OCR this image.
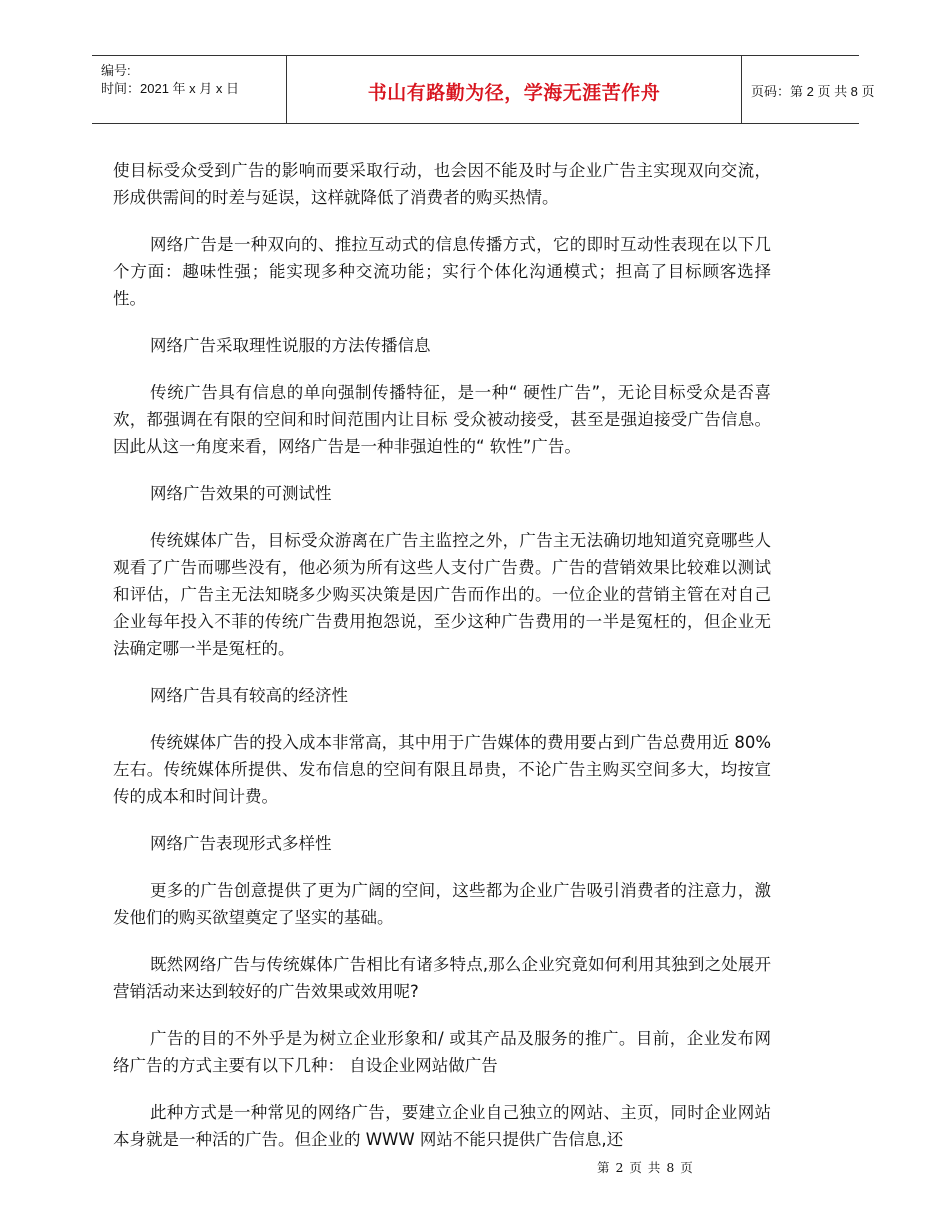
编号:
时间：2021 年 x 月 x 日	书山有路勤为径，学海无涯苦作舟	页码：第 2 页 共 8 页

使目标受众受到广告的影响而要采取行动，也会因不能及时与企业广告主实现双向交流，形成供需间的时差与延误，这样就降低了消费者的购买热情。

网络广告是一种双向的、推拉互动式的信息传播方式，它的即时互动性表现在以下几个方面：趣味性强；能实现多种交流功能；实行个体化沟通模式；担高了目标顾客选择性。

网络广告采取理性说服的方法传播信息

传统广告具有信息的单向强制传播特征，是一种“ 硬性广告”，无论目标受众是否喜欢，都强调在有限的空间和时间范围内让目标 受众被动接受，甚至是强迫接受广告信息。因此从这一角度来看，网络广告是一种非强迫性的“ 软性”广告。

网络广告效果的可测试性

传统媒体广告，目标受众游离在广告主监控之外，广告主无法确切地知道究竟哪些人观看了广告而哪些没有，他必须为所有这些人支付广告费。广告的营销效果比较难以测试和评估，广告主无法知晓多少购买决策是因广告而作出的。一位企业的营销主管在对自己企业每年投入不菲的传统广告费用抱怨说，至少这种广告费用的一半是冤枉的，但企业无法确定哪一半是冤枉的。

网络广告具有较高的经济性

传统媒体广告的投入成本非常高，其中用于广告媒体的费用要占到广告总费用近 80% 左右。传统媒体所提供、发布信息的空间有限且昂贵，不论广告主购买空间多大，均按宣传的成本和时间计费。

网络广告表现形式多样性

更多的广告创意提供了更为广阔的空间，这些都为企业广告吸引消费者的注意力，激发他们的购买欲望奠定了坚实的基础。

既然网络广告与传统媒体广告相比有诸多特点,那么企业究竟如何利用其独到之处展开营销活动来达到较好的广告效果或效用呢?

广告的目的不外乎是为树立企业形象和/ 或其产品及服务的推广。目前，企业发布网络广告的方式主要有以下几种： 自设企业网站做广告

此种方式是一种常见的网络广告，要建立企业自己独立的网站、主页，同时企业网站本身就是一种活的广告。但企业的 WWW 网站不能只提供广告信息,还

第 2 页 共 8 页
